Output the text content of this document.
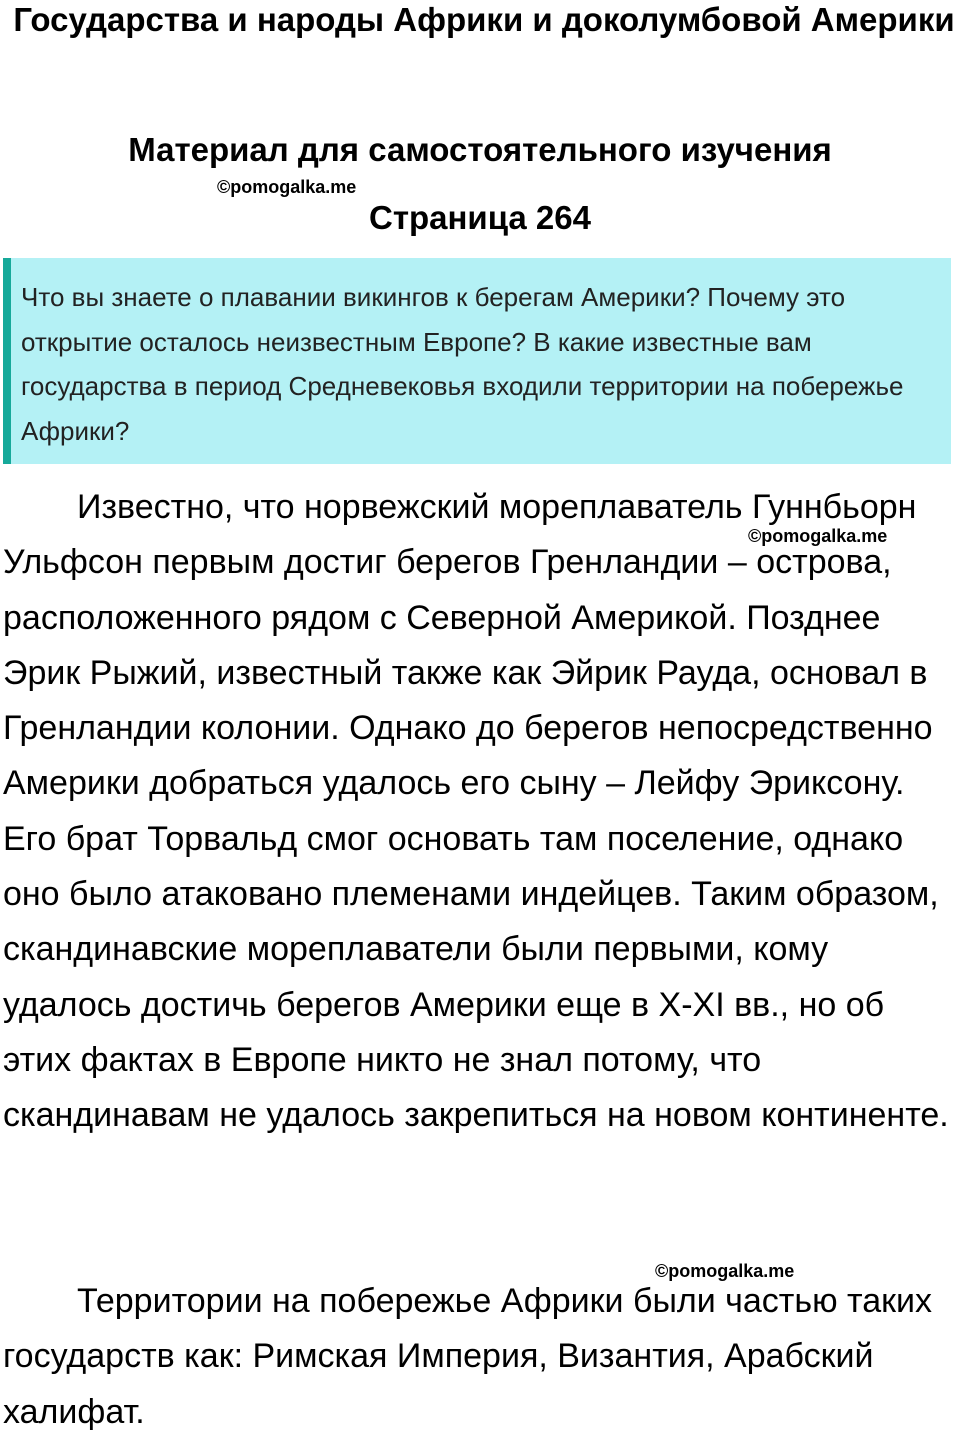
Государства и народы Африки и доколумбовой Америки
Материал для самостоятельного изучения
Страница 264
©pomogalka.me

Что вы знаете о плавании викингов к берегам Америки? Почему это открытие осталось неизвестным Европе? В какие известные вам государства в период Средневековья входили территории на побережье Африки?

Известно, что норвежский мореплаватель Гуннбьорн Ульфсон первым достиг берегов Гренландии – острова, расположенного рядом с Северной Америкой. Позднее Эрик Рыжий, известный также как Эйрик Рауда, основал в Гренландии колонии. Однако до берегов непосредственно Америки добраться удалось его сыну – Лейфу Эриксону. Его брат Торвальд смог основать там поселение, однако оно было атаковано племенами индейцев. Таким образом, скандинавские мореплаватели были первыми, кому удалось достичь берегов Америки еще в X-XI вв., но об этих фактах в Европе никто не знал потому, что скандинавам не удалось закрепиться на новом континенте.

©pomogalka.me
©pomogalka.me

Территории на побережье Африки были частью таких государств как: Римская Империя, Византия, Арабский халифат.
